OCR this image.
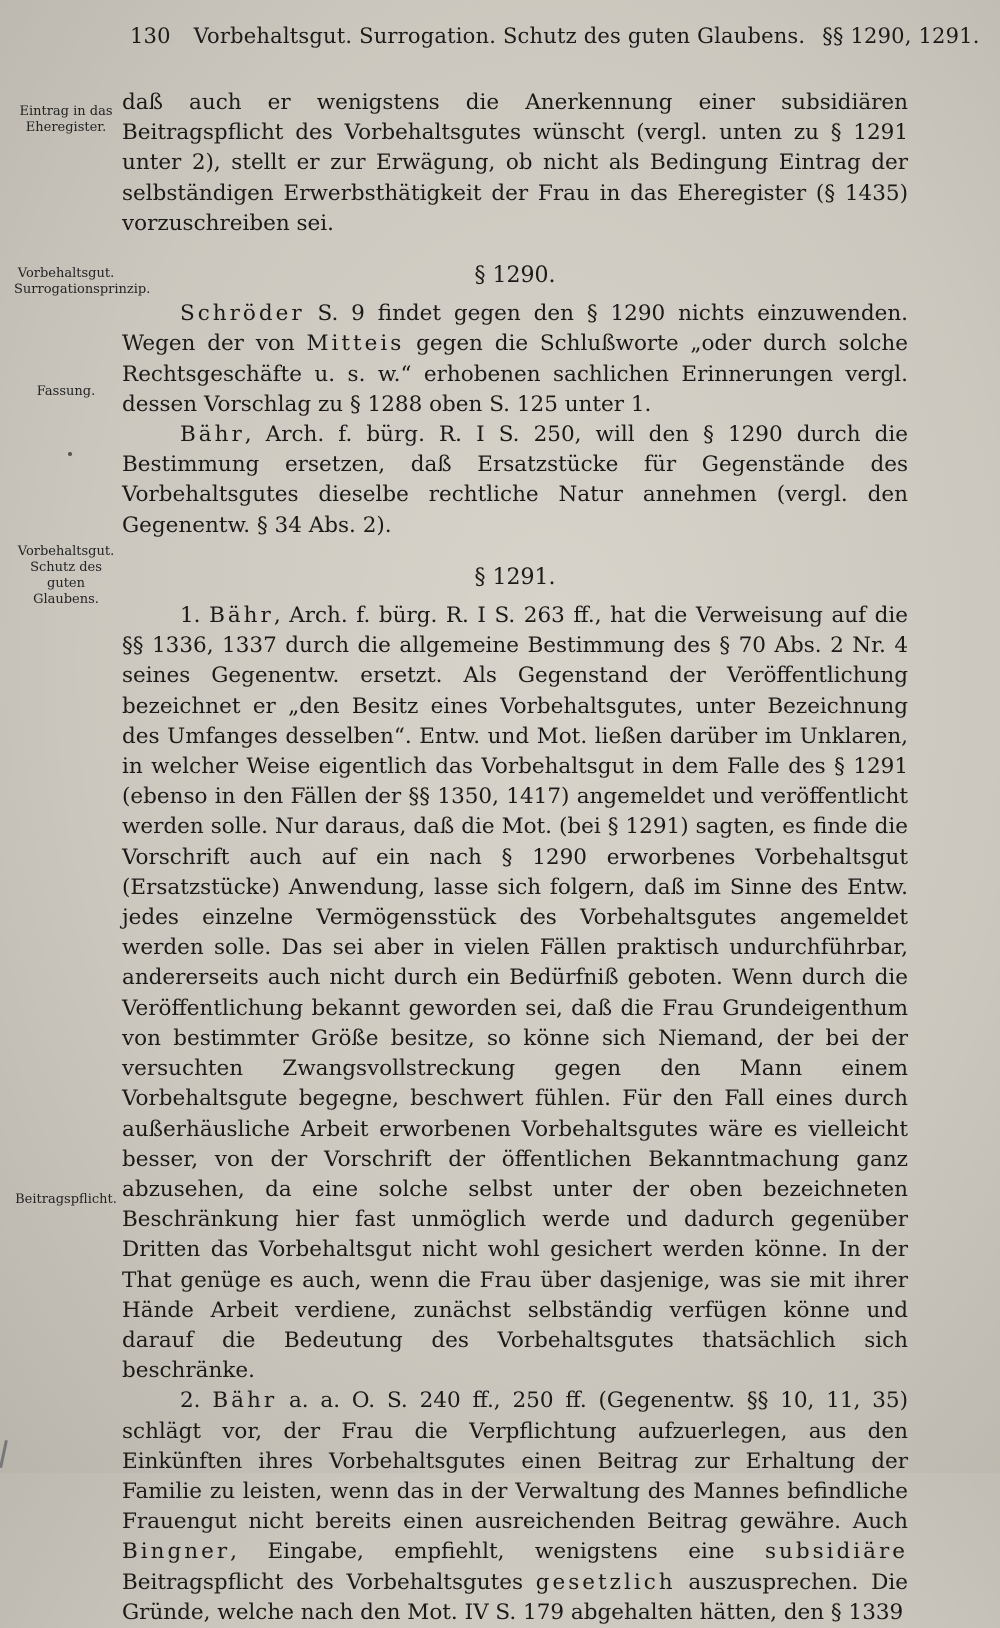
130 Vorbehaltsgut. Surrogation. Schutz des guten Glaubens. §§ 1290, 1291.
Eintrag in das Eheregister.
Vorbehaltsgut. Surrogationsprinzip.
Fassung.
Vorbehaltsgut. Schutz des guten Glaubens.
Beitragspflicht.

daß auch er wenigstens die Anerkennung einer subsidiären Beitragspflicht des Vorbehaltsgutes wünscht (vergl. unten zu § 1291 unter 2), stellt er zur Erwägung, ob nicht als Bedingung Eintrag der selbständigen Erwerbsthätigkeit der Frau in das Eheregister (§ 1435) vorzuschreiben sei.

§ 1290.

Schröder S. 9 findet gegen den § 1290 nichts einzuwenden. Wegen der von Mitteis gegen die Schlußworte „oder durch solche Rechtsgeschäfte u. s. w.“ erhobenen sachlichen Erinnerungen vergl. dessen Vorschlag zu § 1288 oben S. 125 unter 1.

Bähr, Arch. f. bürg. R. I S. 250, will den § 1290 durch die Bestimmung ersetzen, daß Ersatzstücke für Gegenstände des Vorbehaltsgutes dieselbe rechtliche Natur annehmen (vergl. den Gegenentw. § 34 Abs. 2).

§ 1291.

1. Bähr, Arch. f. bürg. R. I S. 263 ff., hat die Verweisung auf die §§ 1336, 1337 durch die allgemeine Bestimmung des § 70 Abs. 2 Nr. 4 seines Gegenentw. ersetzt. Als Gegenstand der Veröffentlichung bezeichnet er „den Besitz eines Vorbehaltsgutes, unter Bezeichnung des Umfanges desselben“. Entw. und Mot. ließen darüber im Unklaren, in welcher Weise eigentlich das Vorbehaltsgut in dem Falle des § 1291 (ebenso in den Fällen der §§ 1350, 1417) angemeldet und veröffentlicht werden solle. Nur daraus, daß die Mot. (bei § 1291) sagten, es finde die Vorschrift auch auf ein nach § 1290 erworbenes Vorbehaltsgut (Ersatzstücke) Anwendung, lasse sich folgern, daß im Sinne des Entw. jedes einzelne Vermögensstück des Vorbehaltsgutes angemeldet werden solle. Das sei aber in vielen Fällen praktisch undurchführbar, andererseits auch nicht durch ein Bedürfniß geboten. Wenn durch die Veröffentlichung bekannt geworden sei, daß die Frau Grundeigenthum von bestimmter Größe besitze, so könne sich Niemand, der bei der versuchten Zwangsvollstreckung gegen den Mann einem Vorbehaltsgute begegne, beschwert fühlen. Für den Fall eines durch außerhäusliche Arbeit erworbenen Vorbehaltsgutes wäre es vielleicht besser, von der Vorschrift der öffentlichen Bekanntmachung ganz abzusehen, da eine solche selbst unter der oben bezeichneten Beschränkung hier fast unmöglich werde und dadurch gegenüber Dritten das Vorbehaltsgut nicht wohl gesichert werden könne. In der That genüge es auch, wenn die Frau über dasjenige, was sie mit ihrer Hände Arbeit verdiene, zunächst selbständig verfügen könne und darauf die Bedeutung des Vorbehaltsgutes thatsächlich sich beschränke.

2. Bähr a. a. O. S. 240 ff., 250 ff. (Gegenentw. §§ 10, 11, 35) schlägt vor, der Frau die Verpflichtung aufzuerlegen, aus den Einkünften ihres Vorbehaltsgutes einen Beitrag zur Erhaltung der Familie zu leisten, wenn das in der Verwaltung des Mannes befindliche Frauengut nicht bereits einen ausreichenden Beitrag gewähre. Auch Bingner, Eingabe, empfiehlt, wenigstens eine subsidiäre Beitragspflicht des Vorbehaltsgutes gesetzlich auszusprechen. Die Gründe, welche nach den Mot. IV S. 179 abgehalten hätten, den § 1339
